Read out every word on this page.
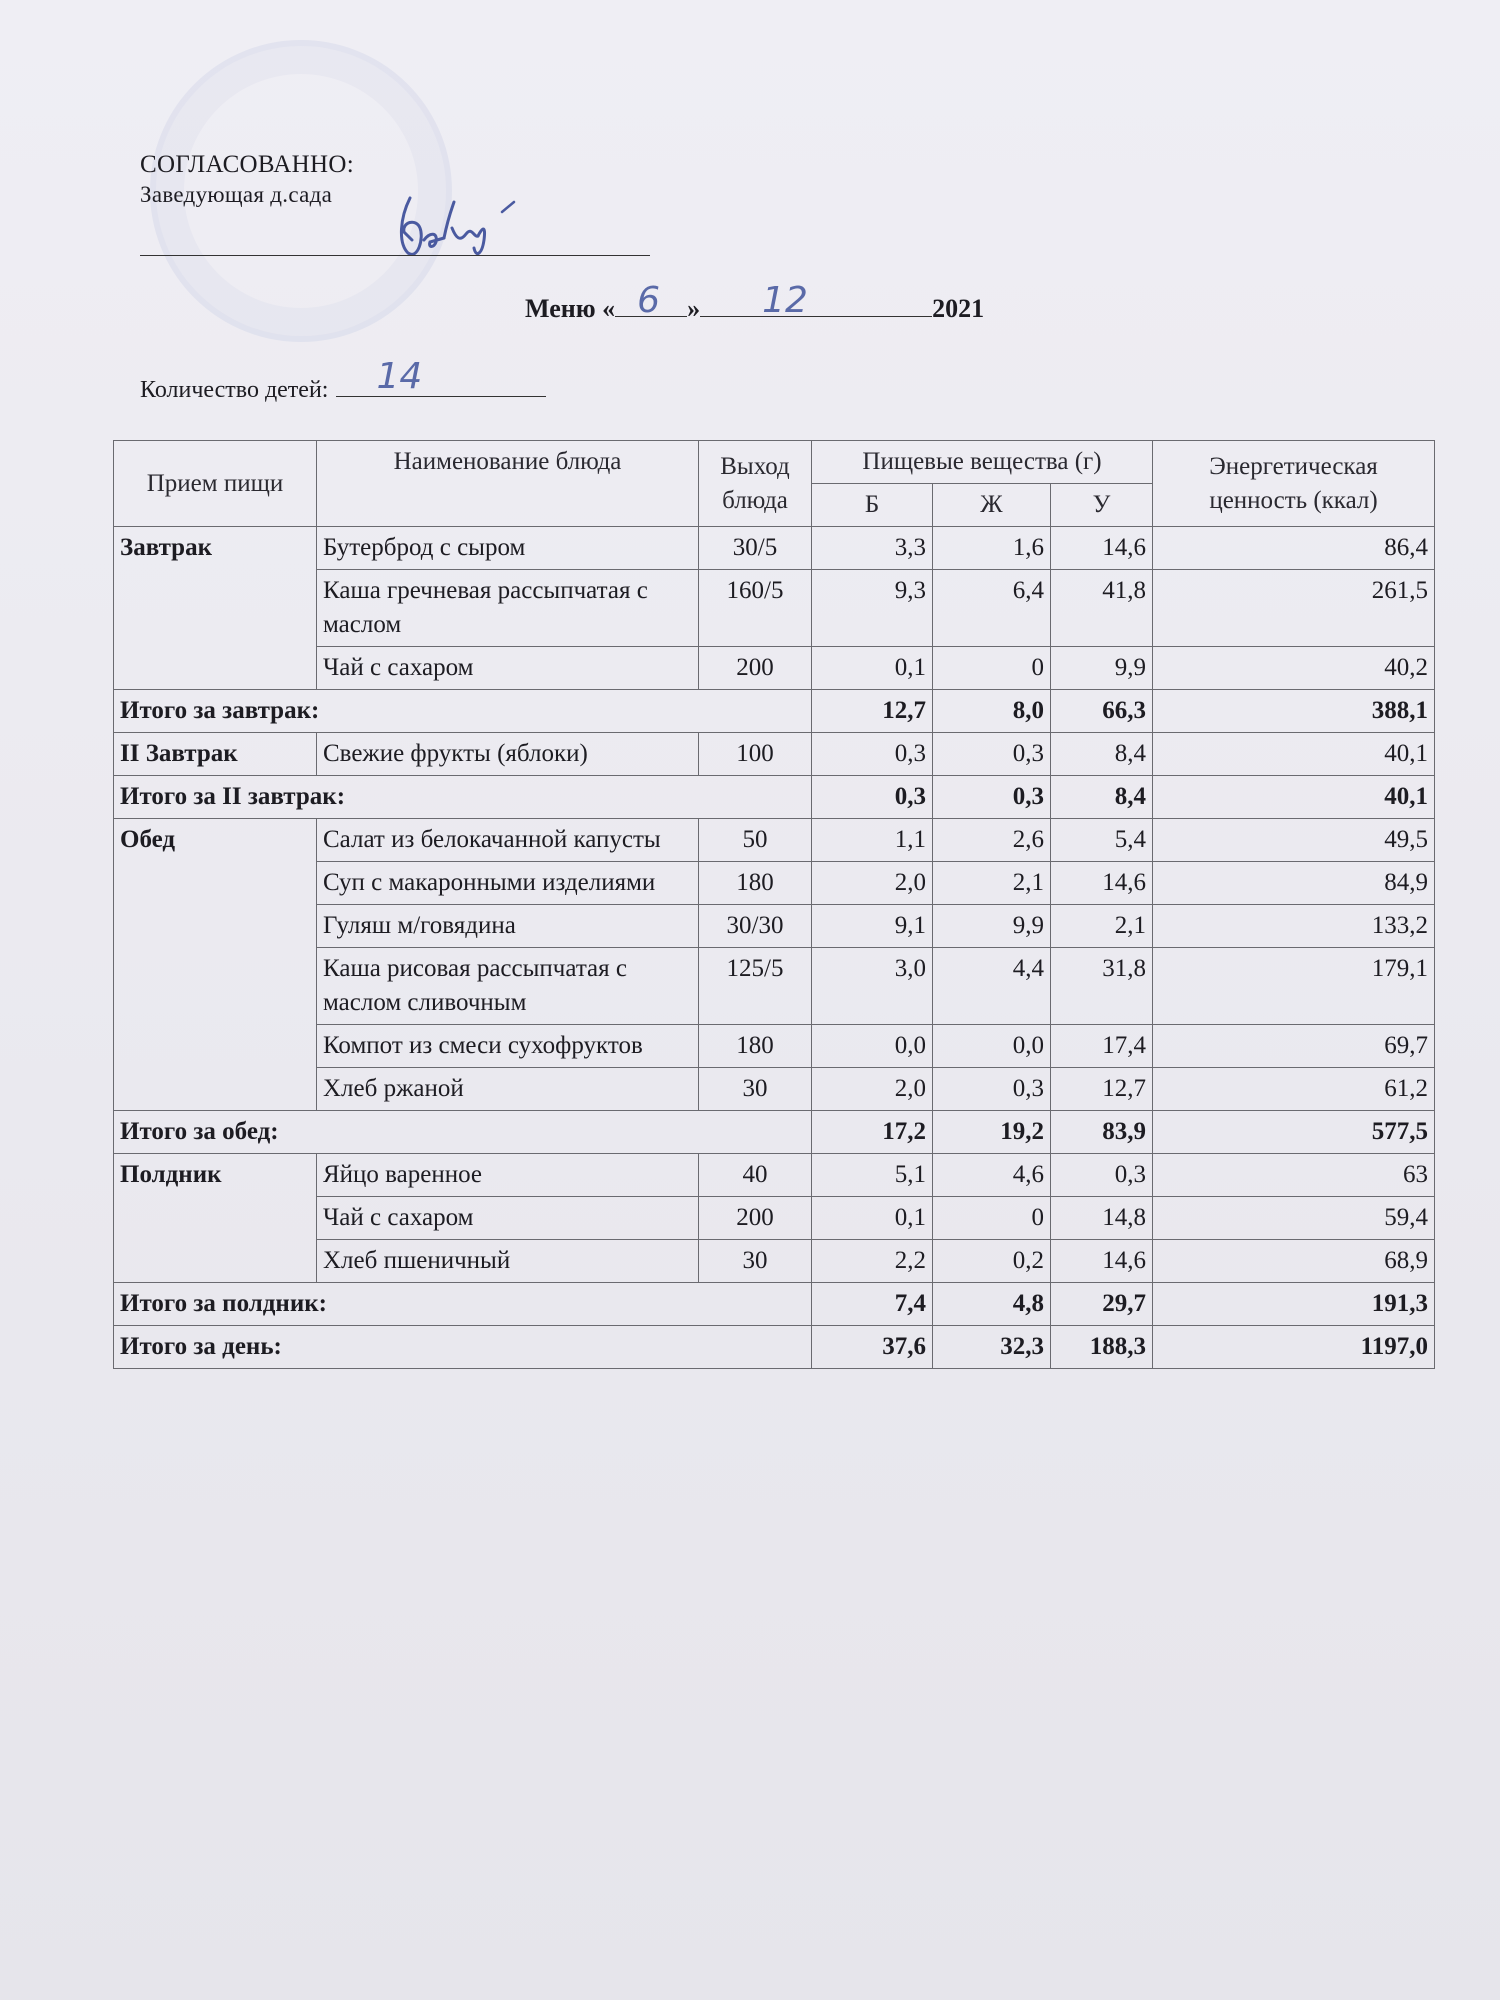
СОГЛАСОВАННО:
Заведующая д.сада
Меню « 6 » 12	2021
Количество детей: 14
Прием пищи	Наименование блюда	Выход блюда	Пищевые вещества (г)			Энергетическая ценность (ккал)
			Б	Ж	У	
Завтрак	Бутерброд с сыром	30/5	3,3	1,6	14,6	86,4
	Каша гречневая рассыпчатая с маслом	160/5	9,3	6,4	41,8	261,5
	Чай с сахаром	200	0,1	0	9,9	40,2
Итого за завтрак:			12,7	8,0	66,3	388,1
II Завтрак	Свежие фрукты (яблоки)	100	0,3	0,3	8,4	40,1
Итого за II завтрак:			0,3	0,3	8,4	40,1
Обед	Салат из белокачанной капусты	50	1,1	2,6	5,4	49,5
	Суп с макаронными изделиями	180	2,0	2,1	14,6	84,9
	Гуляш м/говядина	30/30	9,1	9,9	2,1	133,2
	Каша рисовая рассыпчатая с маслом сливочным	125/5	3,0	4,4	31,8	179,1
	Компот из смеси сухофруктов	180	0,0	0,0	17,4	69,7
	Хлеб ржаной	30	2,0	0,3	12,7	61,2
Итого за обед:			17,2	19,2	83,9	577,5
Полдник	Яйцо варенное	40	5,1	4,6	0,3	63
	Чай с сахаром	200	0,1	0	14,8	59,4
	Хлеб пшеничный	30	2,2	0,2	14,6	68,9
Итого за полдник:			7,4	4,8	29,7	191,3
Итого за день:			37,6	32,3	188,3	1197,0
